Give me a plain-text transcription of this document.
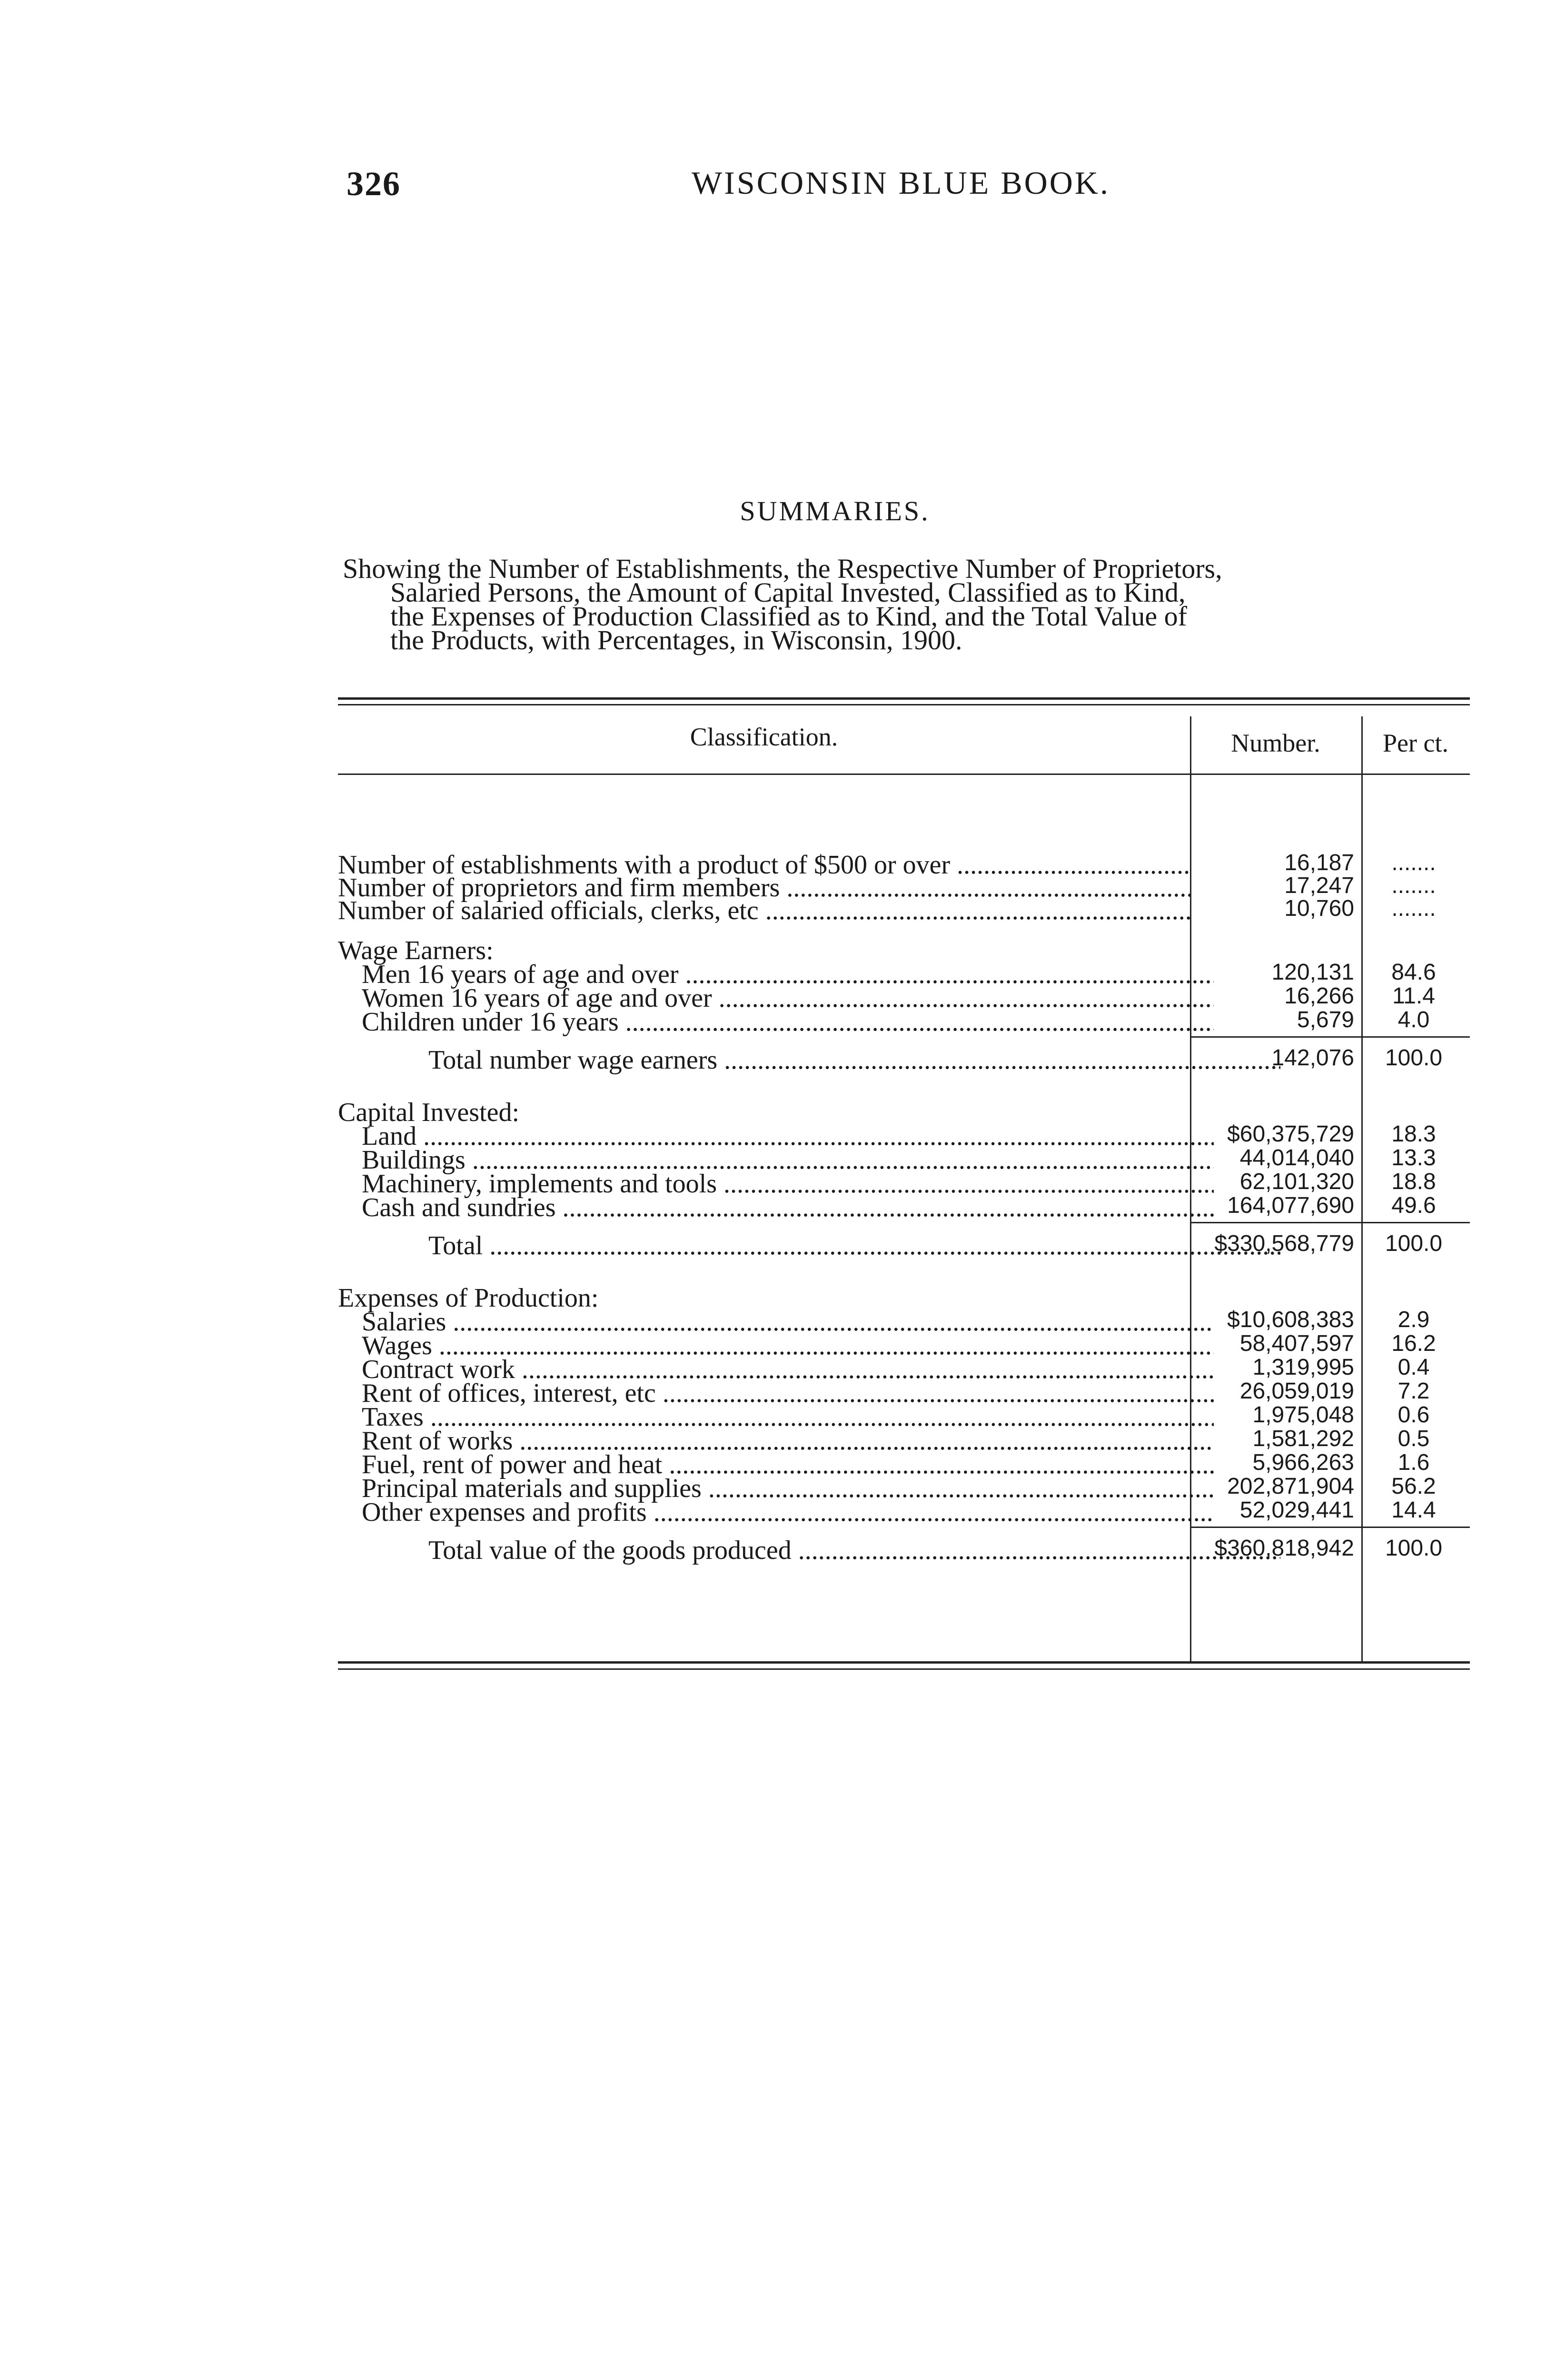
326	WISCONSIN BLUE BOOK.
SUMMARIES.
Showing the Number of Establishments, the Respective Number of Proprietors,
Salaried Persons, the Amount of Capital Invested, Classified as to Kind,
the Expenses of Production Classified as to Kind, and the Total Value of
the Products, with Percentages, in Wisconsin, 1900.
Classification.	Number.	Per ct.
Number of establishments with a product of $500 or over .....	16,187	.......
Number of proprietors and firm members .....	17,247	.......
Number of salaried officials, clerks, etc .....	10,760	.......
Wage Earners:
Men 16 years of age and over .....	120,131	84.6
Women 16 years of age and over .....	16,266	11.4
Children under 16 years .....	5,679	4.0
Total number wage earners .....	142,076	100.0
Capital Invested:
Land .....	$60,375,729	18.3
Buildings .....	44,014,040	13.3
Machinery, implements and tools .....	62,101,320	18.8
Cash and sundries .....	164,077,690	49.6
Total .....	$330,568,779	100.0
Expenses of Production:
Salaries .....	$10,608,383	2.9
Wages .....	58,407,597	16.2
Contract work .....	1,319,995	0.4
Rent of offices, interest, etc .....	26,059,019	7.2
Taxes .....	1,975,048	0.6
Rent of works .....	1,581,292	0.5
Fuel, rent of power and heat .....	5,966,263	1.6
Principal materials and supplies .....	202,871,904	56.2
Other expenses and profits .....	52,029,441	14.4
Total value of the goods produced .....	$360,818,942	100.0
